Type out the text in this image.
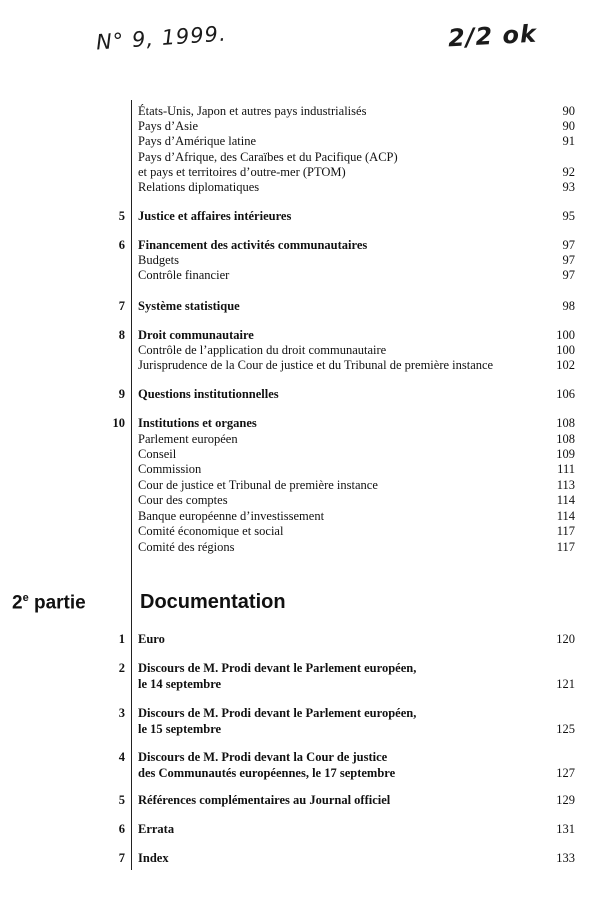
N° 9, 1999.	2/2 ok
États-Unis, Japon et autres pays industrialisés	90
Pays d’Asie	90
Pays d’Amérique latine	91
Pays d’Afrique, des Caraïbes et du Pacifique (ACP)
et pays et territoires d’outre-mer (PTOM)	92
Relations diplomatiques	93
5 Justice et affaires intérieures	95
6 Financement des activités communautaires	97
Budgets	97
Contrôle financier	97
7 Système statistique	98
8 Droit communautaire	100
Contrôle de l’application du droit communautaire	100
Jurisprudence de la Cour de justice et du Tribunal de première instance	102
9 Questions institutionnelles	106
10 Institutions et organes	108
Parlement européen	108
Conseil	109
Commission	111
Cour de justice et Tribunal de première instance	113
Cour des comptes	114
Banque européenne d’investissement	114
Comité économique et social	117
Comité des régions	117
2e partie	Documentation
1 Euro	120
2 Discours de M. Prodi devant le Parlement européen,
le 14 septembre	121
3 Discours de M. Prodi devant le Parlement européen,
le 15 septembre	125
4 Discours de M. Prodi devant la Cour de justice
des Communautés européennes, le 17 septembre	127
5 Références complémentaires au Journal officiel	129
6 Errata	131
7 Index	133
